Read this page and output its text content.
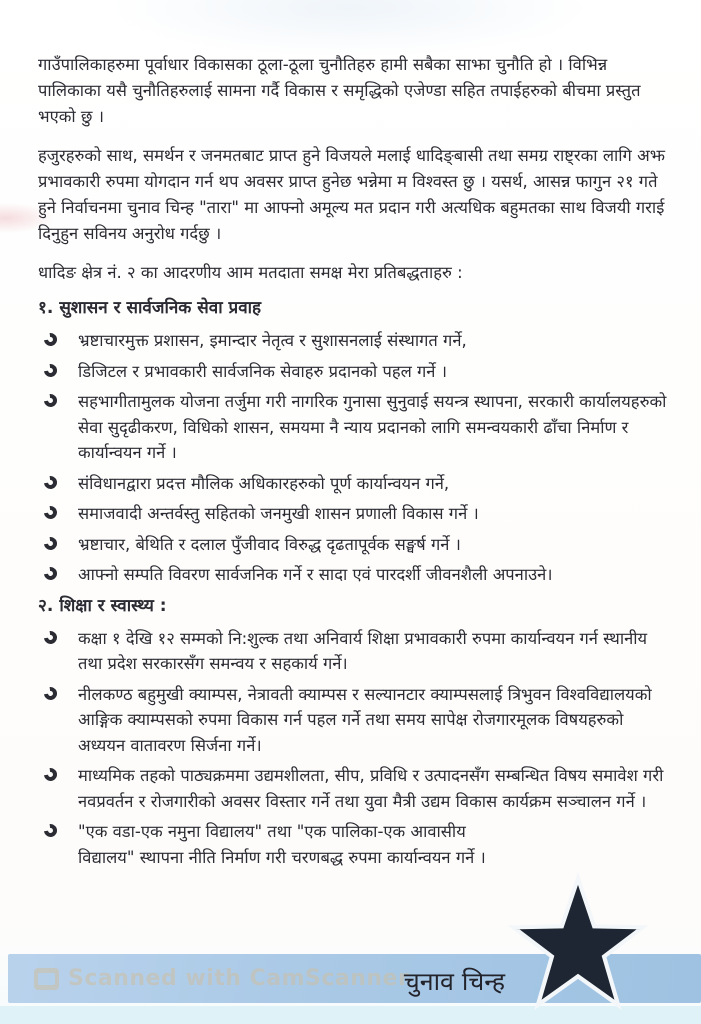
गाउँपालिकाहरुमा पूर्वाधार विकासका ठूला-ठूला चुनौतिहरु हामी सबैका साझा चुनौति हो । विभिन्न पालिकाका यसै चुनौतिहरुलाई सामना गर्दै विकास र समृद्धिको एजेण्डा सहित तपाईहरुको बीचमा प्रस्तुत भएको छु ।

हजुरहरुको साथ, समर्थन र जनमतबाट प्राप्त हुने विजयले मलाई धादिङ्बासी तथा समग्र राष्ट्रका लागि अझ प्रभावकारी रुपमा योगदान गर्न थप अवसर प्राप्त हुनेछ भन्नेमा म विश्वस्त छु । यसर्थ, आसन्न फागुन २१ गते हुने निर्वाचनमा चुनाव चिन्ह "तारा" मा आफ्नो अमूल्य मत प्रदान गरी अत्यधिक बहुमतका साथ विजयी गराई दिनुहुन सविनय अनुरोध गर्दछु ।

धादिङ क्षेत्र नं. २ का आदरणीय आम मतदाता समक्ष मेरा प्रतिबद्धताहरु :

१. सुशासन र सार्वजनिक सेवा प्रवाह
भ्रष्टाचारमुक्त प्रशासन, इमान्दार नेतृत्व र सुशासनलाई संस्थागत गर्ने,
डिजिटल र प्रभावकारी सार्वजनिक सेवाहरु प्रदानको पहल गर्ने ।
सहभागीतामुलक योजना तर्जुमा गरी नागरिक गुनासा सुनुवाई सयन्त्र स्थापना, सरकारी कार्यालयहरुको सेवा सुदृढीकरण, विधिको शासन, समयमा नै न्याय प्रदानको लागि समन्वयकारी ढाँचा निर्माण र कार्यान्वयन गर्ने ।
संविधानद्वारा प्रदत्त मौलिक अधिकारहरुको पूर्ण कार्यान्वयन गर्ने,
समाजवादी अन्तर्वस्तु सहितको जनमुखी शासन प्रणाली विकास गर्ने ।
भ्रष्टाचार, बेथिति र दलाल पुँजीवाद विरुद्ध दृढतापूर्वक सङ्घर्ष गर्ने ।
आफ्नो सम्पति विवरण सार्वजनिक गर्ने र सादा एवं पारदर्शी जीवनशैली अपनाउने।
२. शिक्षा र स्वास्थ्य :
कक्षा १ देखि १२ सम्मको नि:शुल्क तथा अनिवार्य शिक्षा प्रभावकारी रुपमा कार्यान्वयन गर्न स्थानीय तथा प्रदेश सरकारसँग समन्वय र सहकार्य गर्ने।
नीलकण्ठ बहुमुखी क्याम्पस, नेत्रावती क्याम्पस र सल्यानटार क्याम्पसलाई त्रिभुवन विश्वविद्यालयको आङ्गिक क्याम्पसको रुपमा विकास गर्न पहल गर्ने तथा समय सापेक्ष रोजगारमूलक विषयहरुको अध्ययन वातावरण सिर्जना गर्ने।
माध्यमिक तहको पाठ्यक्रममा उद्यमशीलता, सीप, प्रविधि र उत्पादनसँग सम्बन्धित विषय समावेश गरी नवप्रवर्तन र रोजगारीको अवसर विस्तार गर्ने तथा युवा मैत्री उद्यम विकास कार्यक्रम सञ्चालन गर्ने ।
"एक वडा-एक नमुना विद्यालय" तथा "एक पालिका-एक आवासीय विद्यालय" स्थापना नीति निर्माण गरी चरणबद्ध रुपमा कार्यान्वयन गर्ने ।
Scanned with CamScanner
चुनाव चिन्ह
